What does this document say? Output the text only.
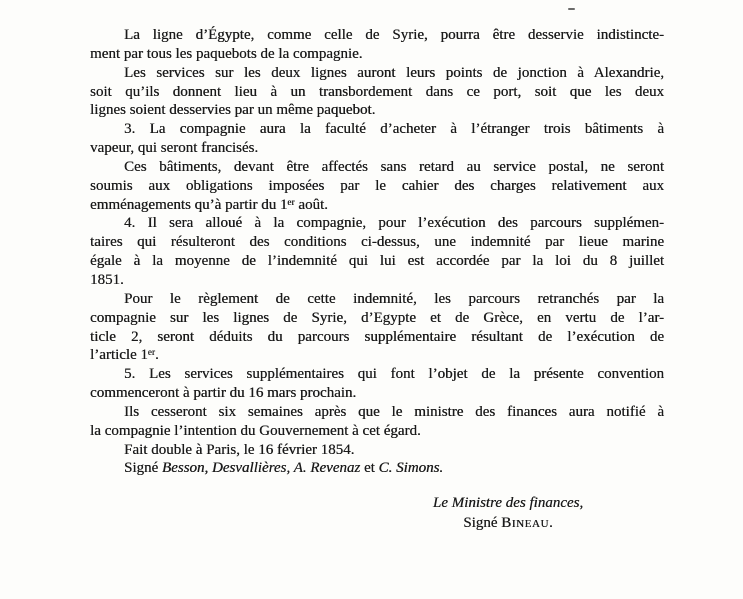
La ligne d’Égypte, comme celle de Syrie, pourra être desservie indistincte-
ment par tous les paquebots de la compagnie.
Les services sur les deux lignes auront leurs points de jonction à Alexandrie,
soit qu’ils donnent lieu à un transbordement dans ce port, soit que les deux
lignes soient desservies par un même paquebot.
3. La compagnie aura la faculté d’acheter à l’étranger trois bâtiments à
vapeur, qui seront francisés.
Ces bâtiments, devant être affectés sans retard au service postal, ne seront
soumis aux obligations imposées par le cahier des charges relativement aux
emménagements qu’à partir du 1ᵉʳ août.
4. Il sera alloué à la compagnie, pour l’exécution des parcours supplémen-
taires qui résulteront des conditions ci-dessus, une indemnité par lieue marine
égale à la moyenne de l’indemnité qui lui est accordée par la loi du 8 juillet
1851.
Pour le règlement de cette indemnité, les parcours retranchés par la
compagnie sur les lignes de Syrie, d’Egypte et de Grèce, en vertu de l’ar-
ticle 2, seront déduits du parcours supplémentaire résultant de l’exécution de
l’article 1ᵉʳ.
5. Les services supplémentaires qui font l’objet de la présente convention
commenceront à partir du 16 mars prochain.
Ils cesseront six semaines après que le ministre des finances aura notifié à
la compagnie l’intention du Gouvernement à cet égard.
Fait double à Paris, le 16 février 1854.
Signé Besson, Desvallières, A. Revenaz et C. Simons.
Le Ministre des finances,
Signé Bineau.
